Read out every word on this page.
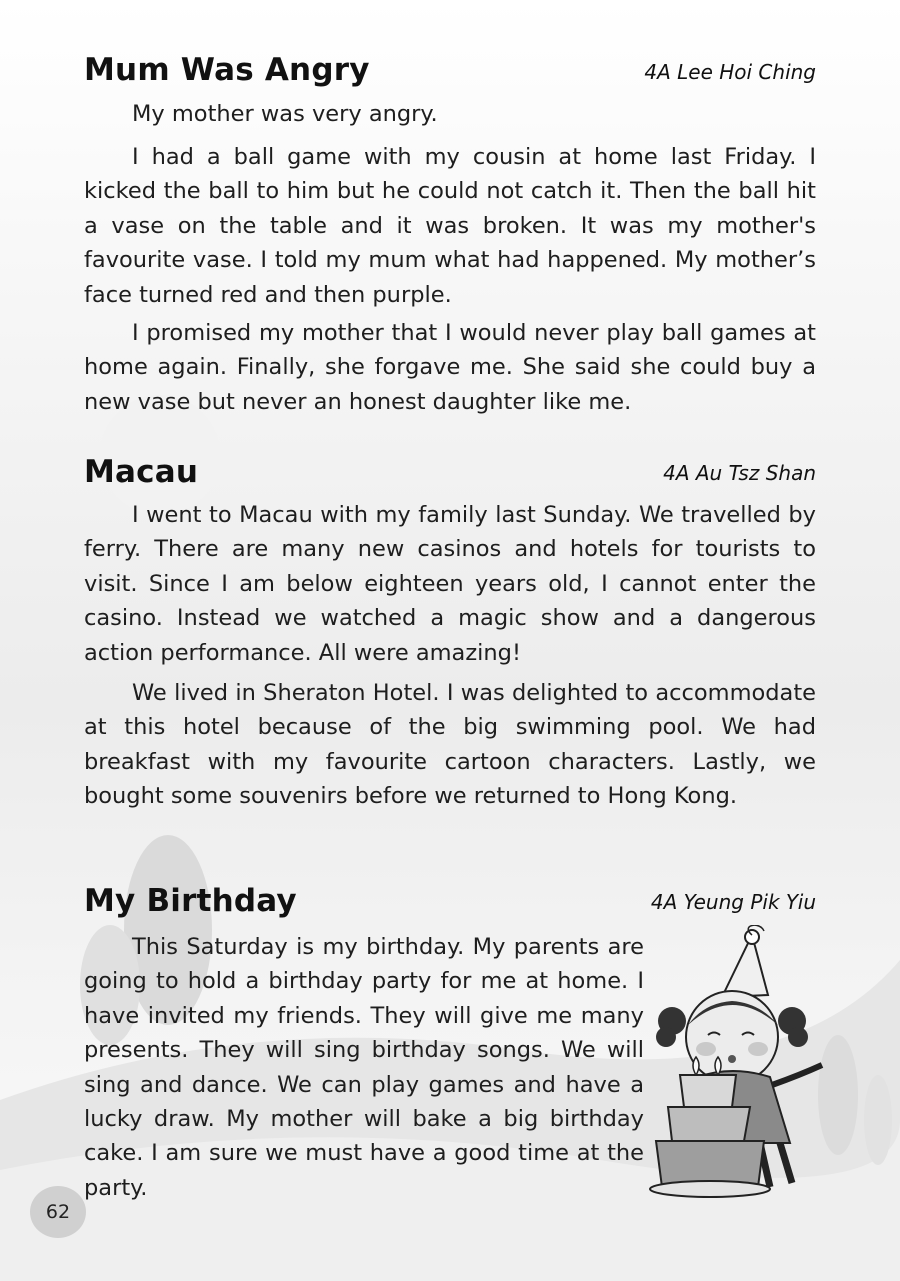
Mum Was Angry	4A Lee Hoi Ching

My mother was very angry.

I had a ball game with my cousin at home last Friday. I kicked the ball to him but he could not catch it. Then the ball hit a vase on the table and it was broken. It was my mother's favourite vase. I told my mum what had happened. My mother’s face turned red and then purple.

I promised my mother that I would never play ball games at home again. Finally, she forgave me. She said she could buy a new vase but never an honest daughter like me.

Macau	4A Au Tsz Shan

I went to Macau with my family last Sunday. We travelled by ferry. There are many new casinos and hotels for tourists to visit. Since I am below eighteen years old, I cannot enter the casino. Instead we watched a magic show and a dangerous action performance. All were amazing!

We lived in Sheraton Hotel. I was delighted to accommodate at this hotel because of the big swimming pool. We had breakfast with my favourite cartoon characters. Lastly, we bought some souvenirs before we returned to Hong Kong.

My Birthday	4A Yeung Pik Yiu

This Saturday is my birthday. My parents are going to hold a birthday party for me at home. I have invited my friends. They will give me many presents. They will sing birthday songs. We will sing and dance. We can play games and have a lucky draw. My mother will bake a big birthday cake. I am sure we must have a good time at the party.

62
